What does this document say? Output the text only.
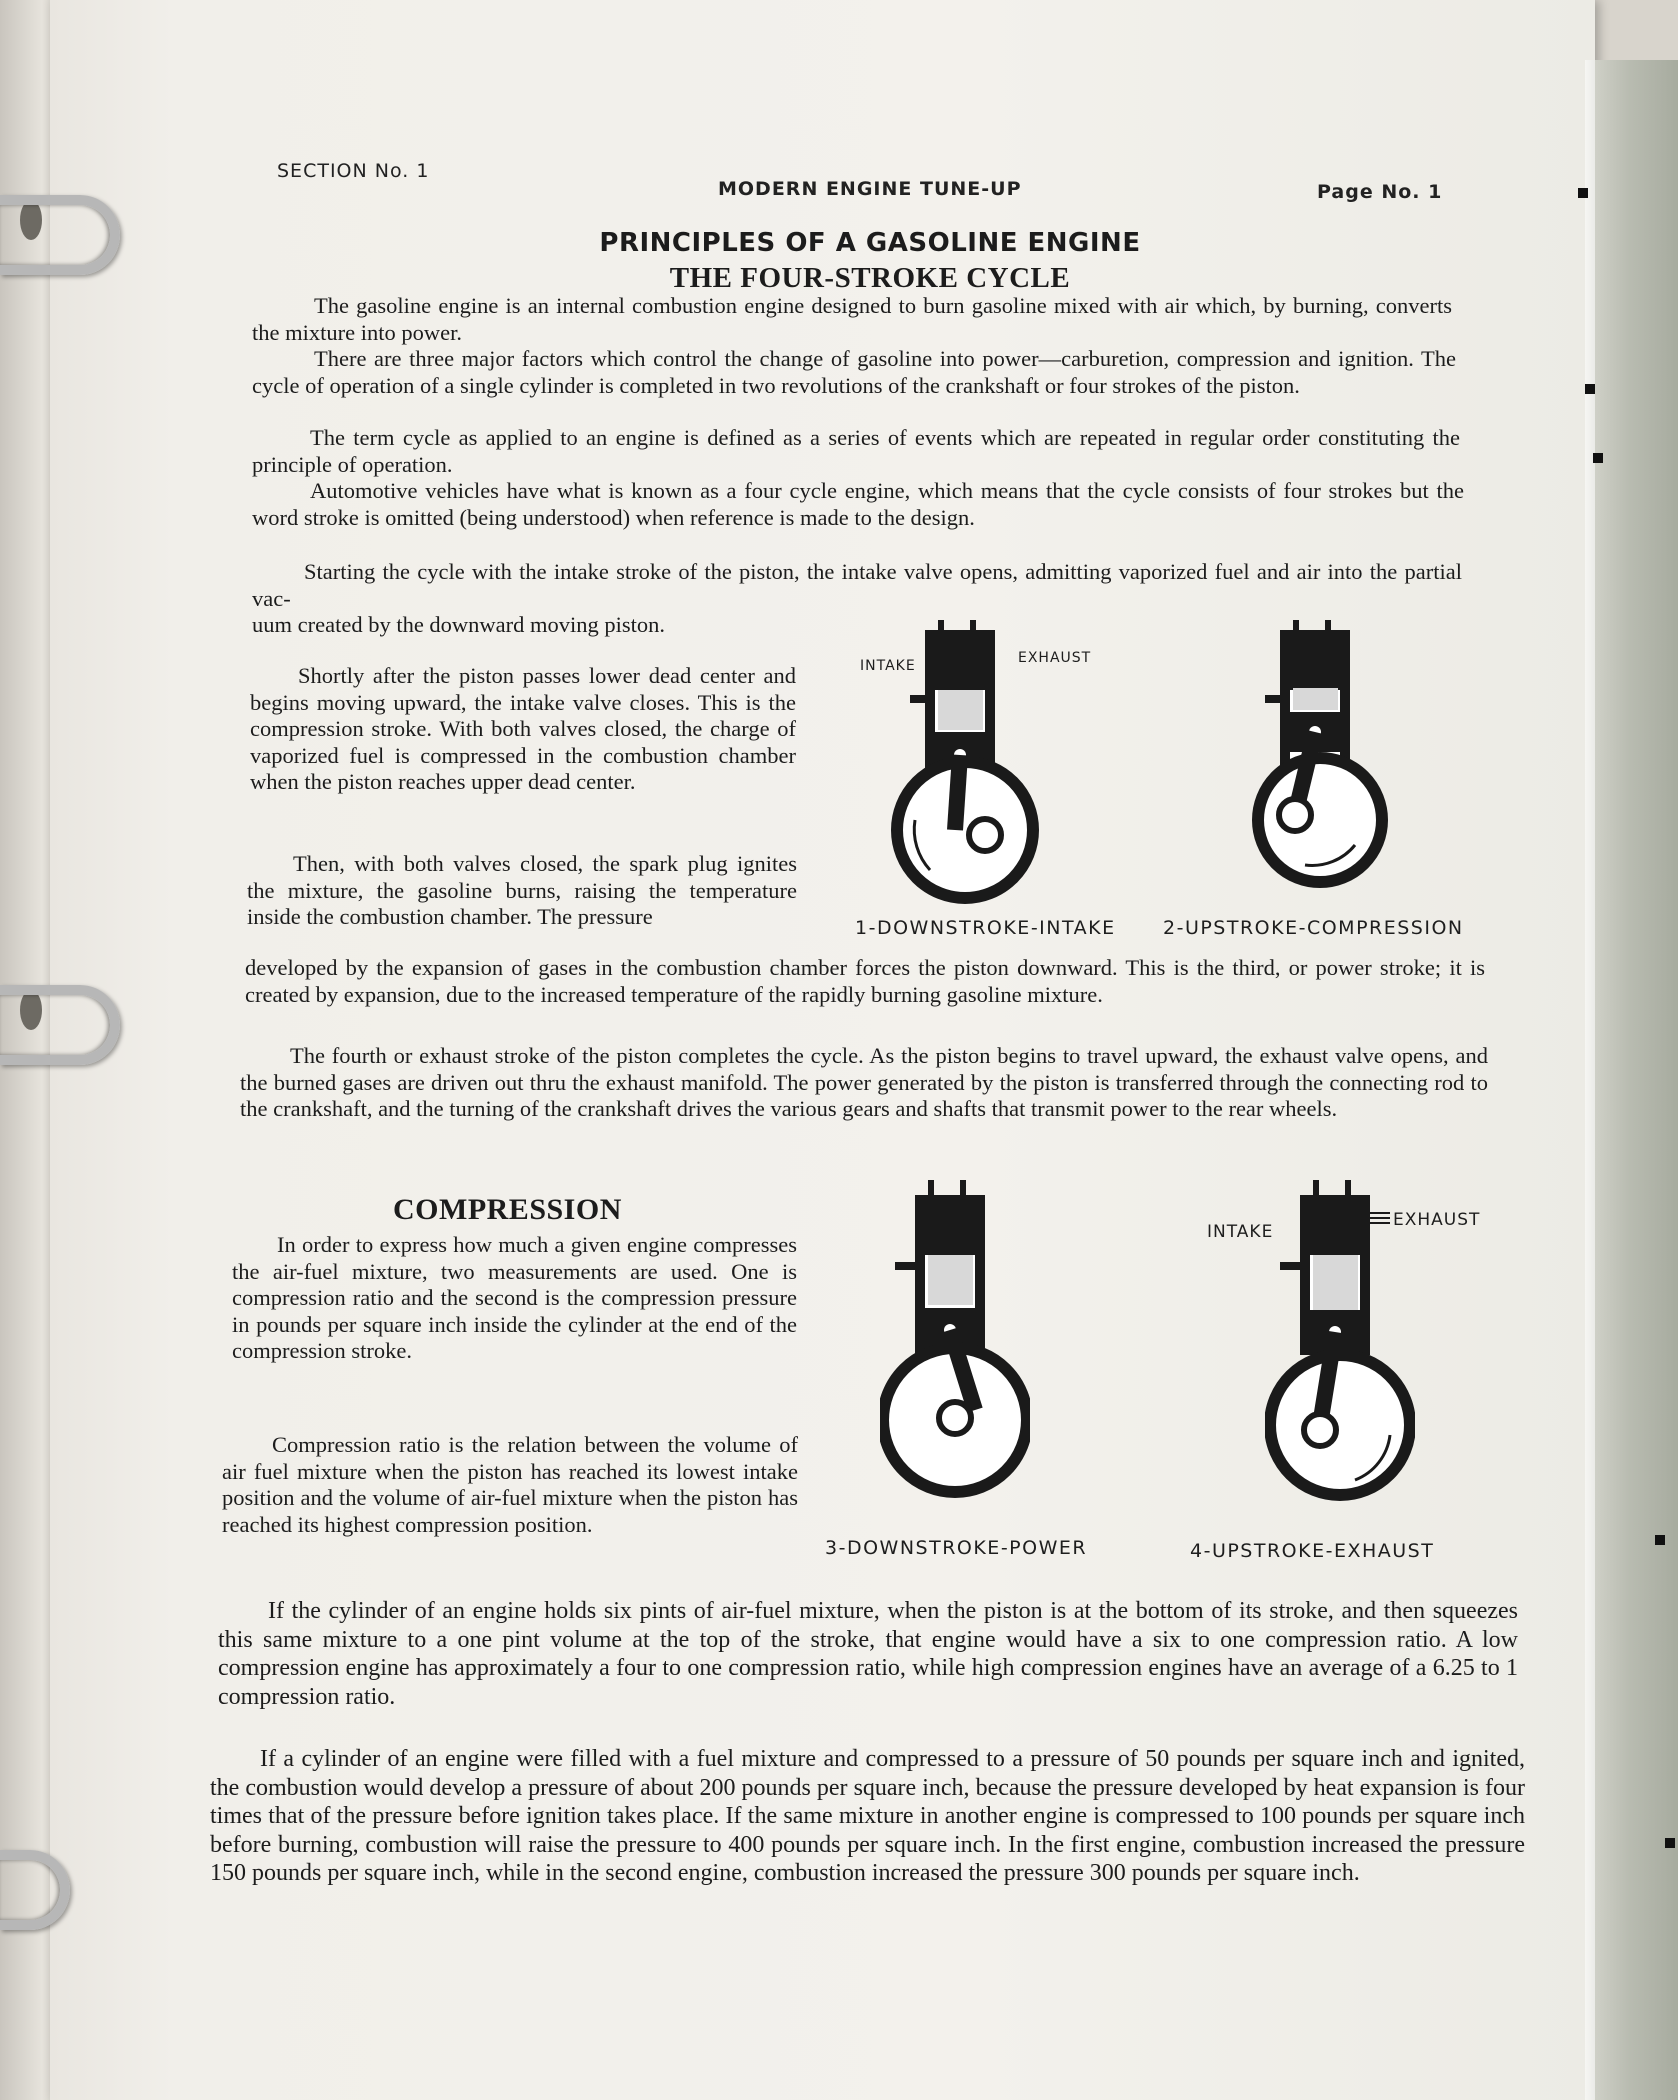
SECTION No. 1
MODERN ENGINE TUNE-UP	Page No. 1
PRINCIPLES OF A GASOLINE ENGINE
THE FOUR-STROKE CYCLE
The gasoline engine is an internal combustion engine designed to burn gasoline mixed with air which, by burning, converts the mixture into power.
There are three major factors which control the change of gasoline into power—carburetion, compression and ignition. The cycle of operation of a single cylinder is completed in two revolutions of the crankshaft or four strokes of the piston.
The term cycle as applied to an engine is defined as a series of events which are repeated in regular order constituting the principle of operation.
Automotive vehicles have what is known as a four cycle engine, which means that the cycle consists of four strokes but the word stroke is omitted (being understood) when reference is made to the design.
Starting the cycle with the intake stroke of the piston, the intake valve opens, admitting vaporized fuel and air into the partial vac-
uum created by the downward moving piston.
Shortly after the piston passes lower dead center and begins moving upward, the intake valve closes. This is the compression stroke. With both valves closed, the charge of vaporized fuel is compressed in the combustion chamber when the piston reaches upper dead center.
Then, with both valves closed, the spark plug ignites the mixture, the gasoline burns, raising the temperature inside the combustion chamber. The pressure
developed by the expansion of gases in the combustion chamber forces the piston downward. This is the third, or power stroke; it is created by expansion, due to the increased temperature of the rapidly burning gasoline mixture.
The fourth or exhaust stroke of the piston completes the cycle. As the piston begins to travel upward, the exhaust valve opens, and the burned gases are driven out thru the exhaust manifold. The power generated by the piston is transferred through the connecting rod to the crankshaft, and the turning of the crankshaft drives the various gears and shafts that transmit power to the rear wheels.
COMPRESSION
In order to express how much a given engine compresses the air-fuel mixture, two measurements are used. One is compression ratio and the second is the compression pressure in pounds per square inch inside the cylinder at the end of the compression stroke.
Compression ratio is the relation between the volume of air fuel mixture when the piston has reached its lowest intake position and the volume of air-fuel mixture when the piston has reached its highest compression position.
If the cylinder of an engine holds six pints of air-fuel mixture, when the piston is at the bottom of its stroke, and then squeezes this same mixture to a one pint volume at the top of the stroke, that engine would have a six to one compression ratio. A low compression engine has approximately a four to one compression ratio, while high compression engines have an average of a 6.25 to 1 compression ratio.
If a cylinder of an engine were filled with a fuel mixture and compressed to a pressure of 50 pounds per square inch and ignited, the combustion would develop a pressure of about 200 pounds per square inch, because the pressure developed by heat expansion is four times that of the pressure before ignition takes place. If the same mixture in another engine is compressed to 100 pounds per square inch before burning, combustion will raise the pressure to 400 pounds per square inch. In the first engine, combustion increased the pressure 150 pounds per square inch, while in the second engine, combustion increased the pressure 300 pounds per square inch.
INTAKE	EXHAUST
1-DOWNSTROKE-INTAKE 2-UPSTROKE-COMPRESSION
3-DOWNSTROKE-POWER
INTAKE
EXHAUST
4-UPSTROKE-EXHAUST
